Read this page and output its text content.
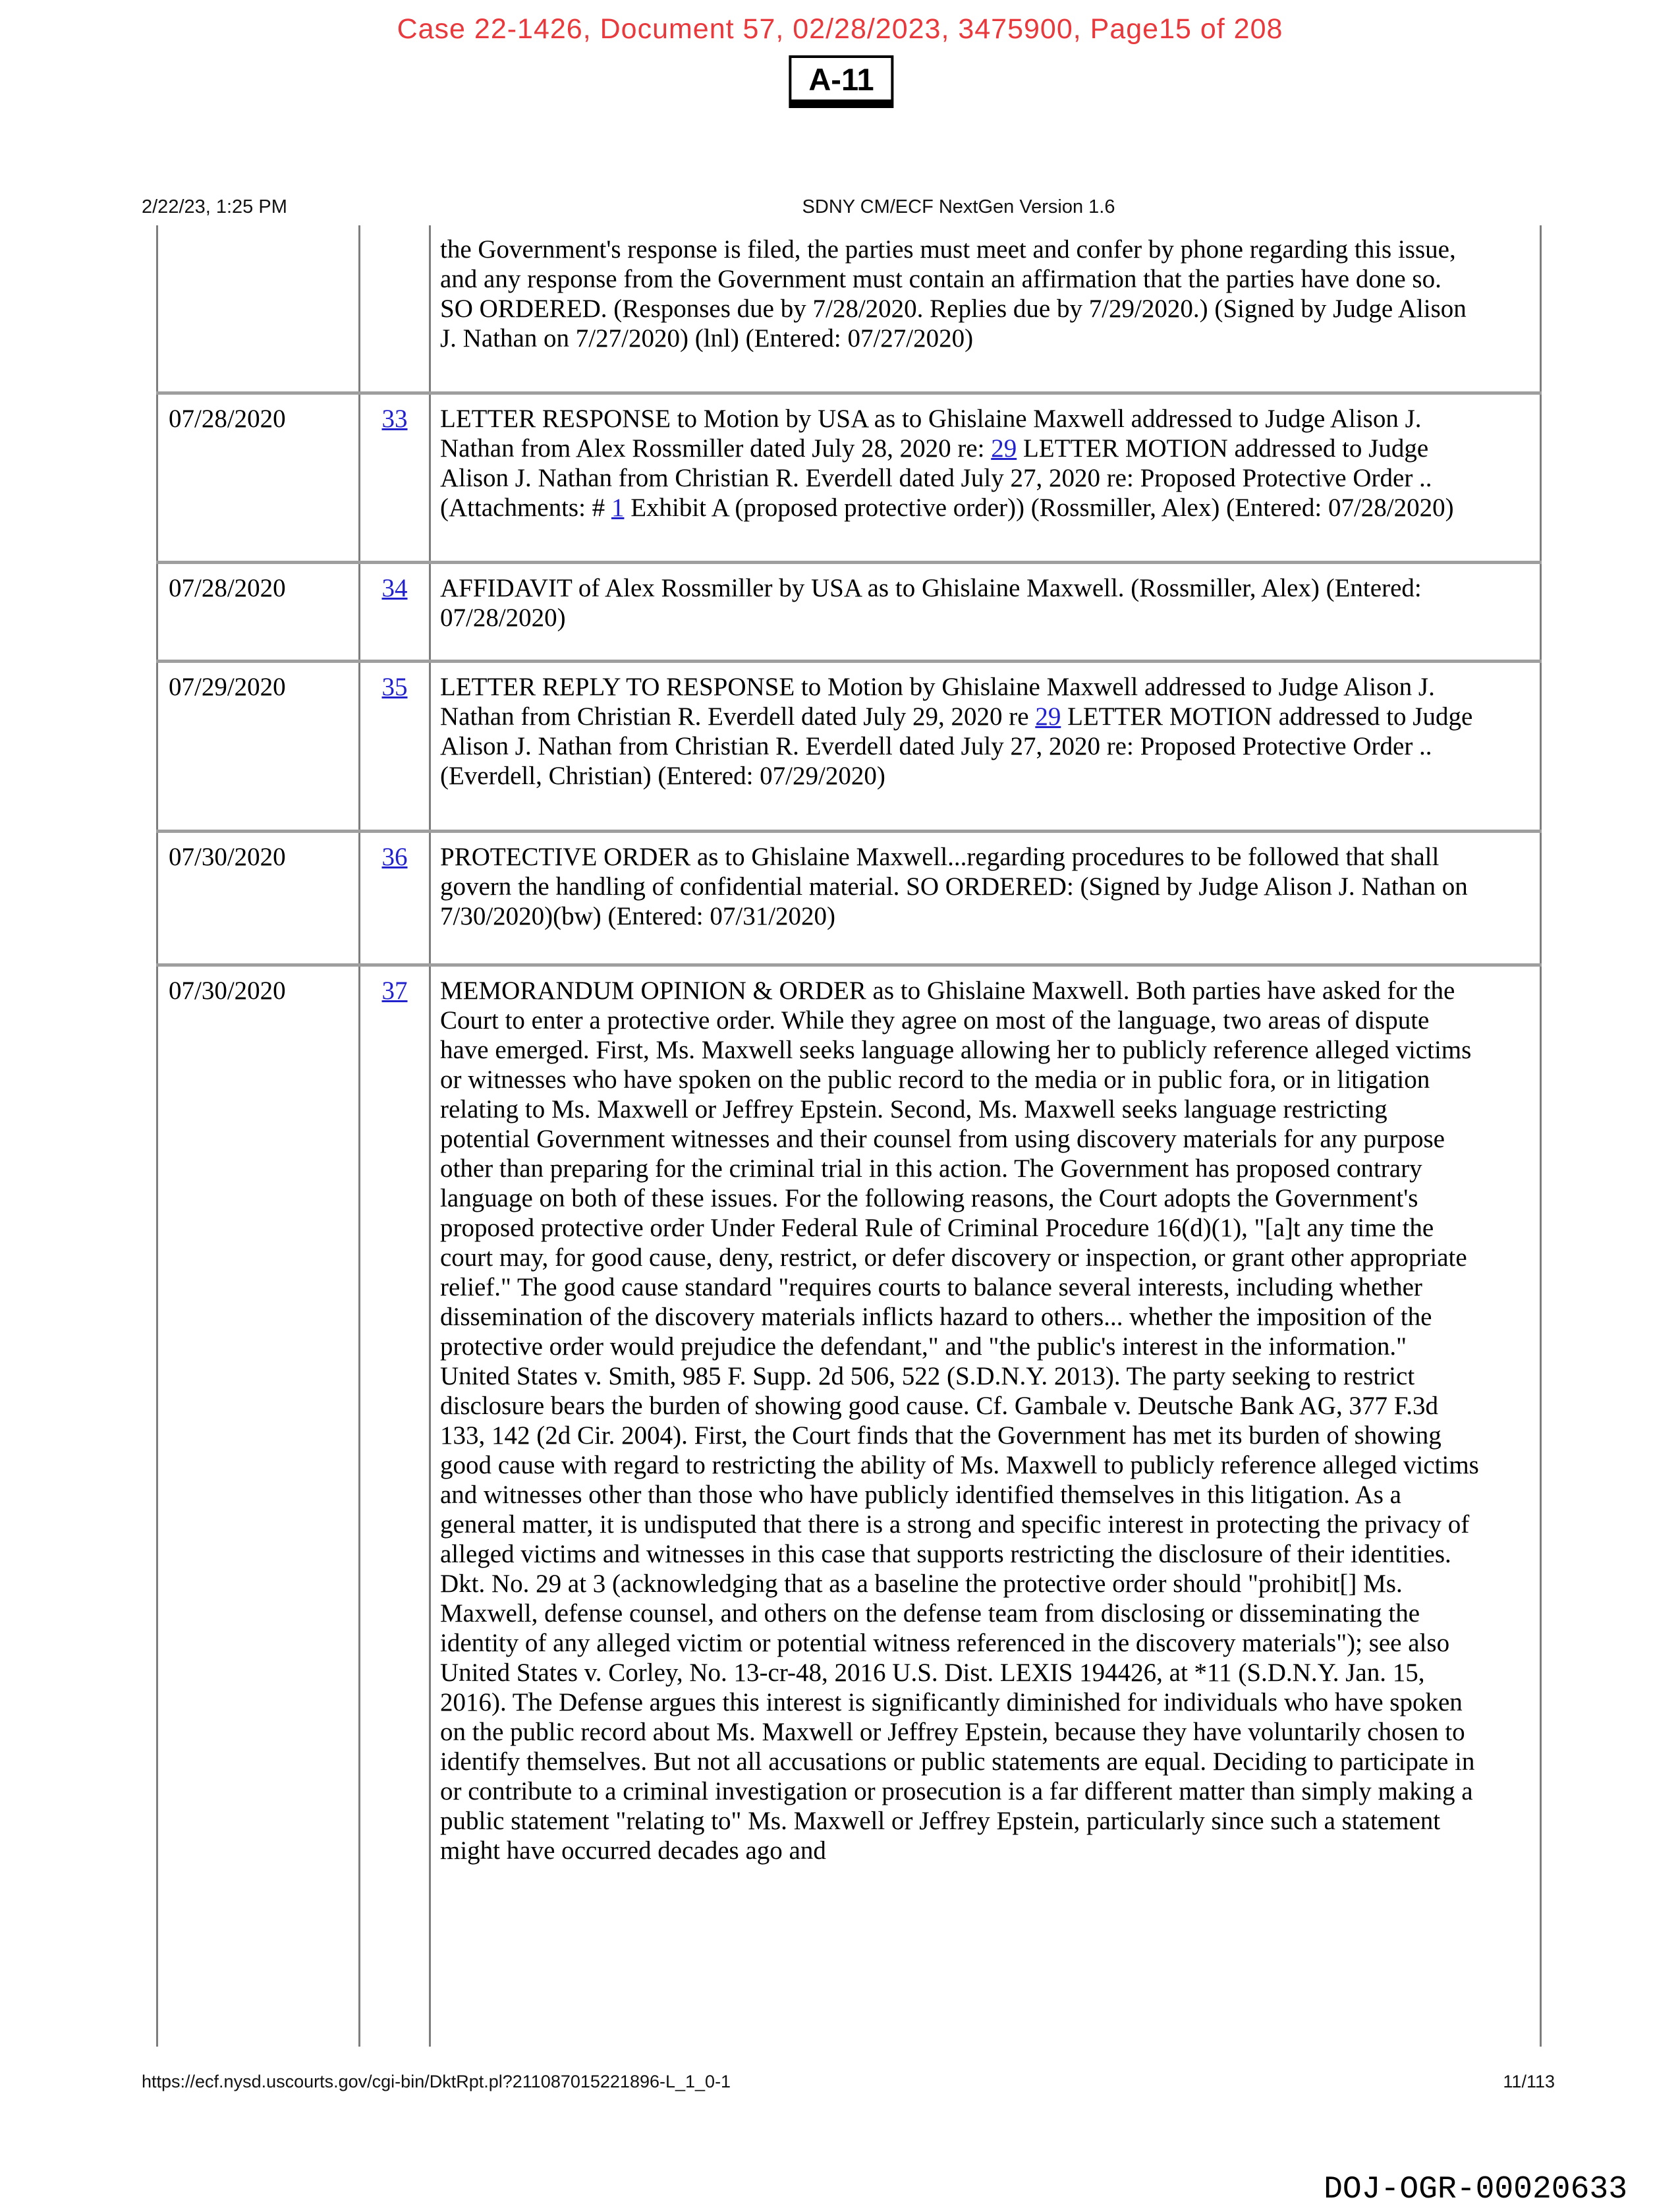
Case 22-1426, Document 57, 02/28/2023, 3475900, Page15 of 208
A-11
2/22/23, 1:25 PM	SDNY CM/ECF NextGen Version 1.6
		the Government's response is filed, the parties must meet and confer by phone regarding this issue, and any response from the Government must contain an affirmation that the parties have done so. SO ORDERED. (Responses due by 7/28/2020. Replies due by 7/29/2020.) (Signed by Judge Alison J. Nathan on 7/27/2020) (lnl) (Entered: 07/27/2020)
07/28/2020	33	LETTER RESPONSE to Motion by USA as to Ghislaine Maxwell addressed to Judge Alison J. Nathan from Alex Rossmiller dated July 28, 2020 re: 29 LETTER MOTION addressed to Judge Alison J. Nathan from Christian R. Everdell dated July 27, 2020 re: Proposed Protective Order .. (Attachments: # 1 Exhibit A (proposed protective order)) (Rossmiller, Alex) (Entered: 07/28/2020)
07/28/2020	34	AFFIDAVIT of Alex Rossmiller by USA as to Ghislaine Maxwell. (Rossmiller, Alex) (Entered: 07/28/2020)
07/29/2020	35	LETTER REPLY TO RESPONSE to Motion by Ghislaine Maxwell addressed to Judge Alison J. Nathan from Christian R. Everdell dated July 29, 2020 re 29 LETTER MOTION addressed to Judge Alison J. Nathan from Christian R. Everdell dated July 27, 2020 re: Proposed Protective Order .. (Everdell, Christian) (Entered: 07/29/2020)
07/30/2020	36	PROTECTIVE ORDER as to Ghislaine Maxwell...regarding procedures to be followed that shall govern the handling of confidential material. SO ORDERED: (Signed by Judge Alison J. Nathan on 7/30/2020)(bw) (Entered: 07/31/2020)
07/30/2020	37	MEMORANDUM OPINION & ORDER as to Ghislaine Maxwell. Both parties have asked for the Court to enter a protective order. While they agree on most of the language, two areas of dispute have emerged. First, Ms. Maxwell seeks language allowing her to publicly reference alleged victims or witnesses who have spoken on the public record to the media or in public fora, or in litigation relating to Ms. Maxwell or Jeffrey Epstein. Second, Ms. Maxwell seeks language restricting potential Government witnesses and their counsel from using discovery materials for any purpose other than preparing for the criminal trial in this action. The Government has proposed contrary language on both of these issues. For the following reasons, the Court adopts the Government's proposed protective order Under Federal Rule of Criminal Procedure 16(d)(1), "[a]t any time the court may, for good cause, deny, restrict, or defer discovery or inspection, or grant other appropriate relief." The good cause standard "requires courts to balance several interests, including whether dissemination of the discovery materials inflicts hazard to others... whether the imposition of the protective order would prejudice the defendant," and "the public's interest in the information." United States v. Smith, 985 F. Supp. 2d 506, 522 (S.D.N.Y. 2013). The party seeking to restrict disclosure bears the burden of showing good cause. Cf. Gambale v. Deutsche Bank AG, 377 F.3d 133, 142 (2d Cir. 2004). First, the Court finds that the Government has met its burden of showing good cause with regard to restricting the ability of Ms. Maxwell to publicly reference alleged victims and witnesses other than those who have publicly identified themselves in this litigation. As a general matter, it is undisputed that there is a strong and specific interest in protecting the privacy of alleged victims and witnesses in this case that supports restricting the disclosure of their identities. Dkt. No. 29 at 3 (acknowledging that as a baseline the protective order should "prohibit[] Ms. Maxwell, defense counsel, and others on the defense team from disclosing or disseminating the identity of any alleged victim or potential witness referenced in the discovery materials"); see also United States v. Corley, No. 13-cr-48, 2016 U.S. Dist. LEXIS 194426, at *11 (S.D.N.Y. Jan. 15, 2016). The Defense argues this interest is significantly diminished for individuals who have spoken on the public record about Ms. Maxwell or Jeffrey Epstein, because they have voluntarily chosen to identify themselves. But not all accusations or public statements are equal. Deciding to participate in or contribute to a criminal investigation or prosecution is a far different matter than simply making a public statement "relating to" Ms. Maxwell or Jeffrey Epstein, particularly since such a statement might have occurred decades ago and
https://ecf.nysd.uscourts.gov/cgi-bin/DktRpt.pl?211087015221896-L_1_0-1	11/113
DOJ-OGR-00020633
